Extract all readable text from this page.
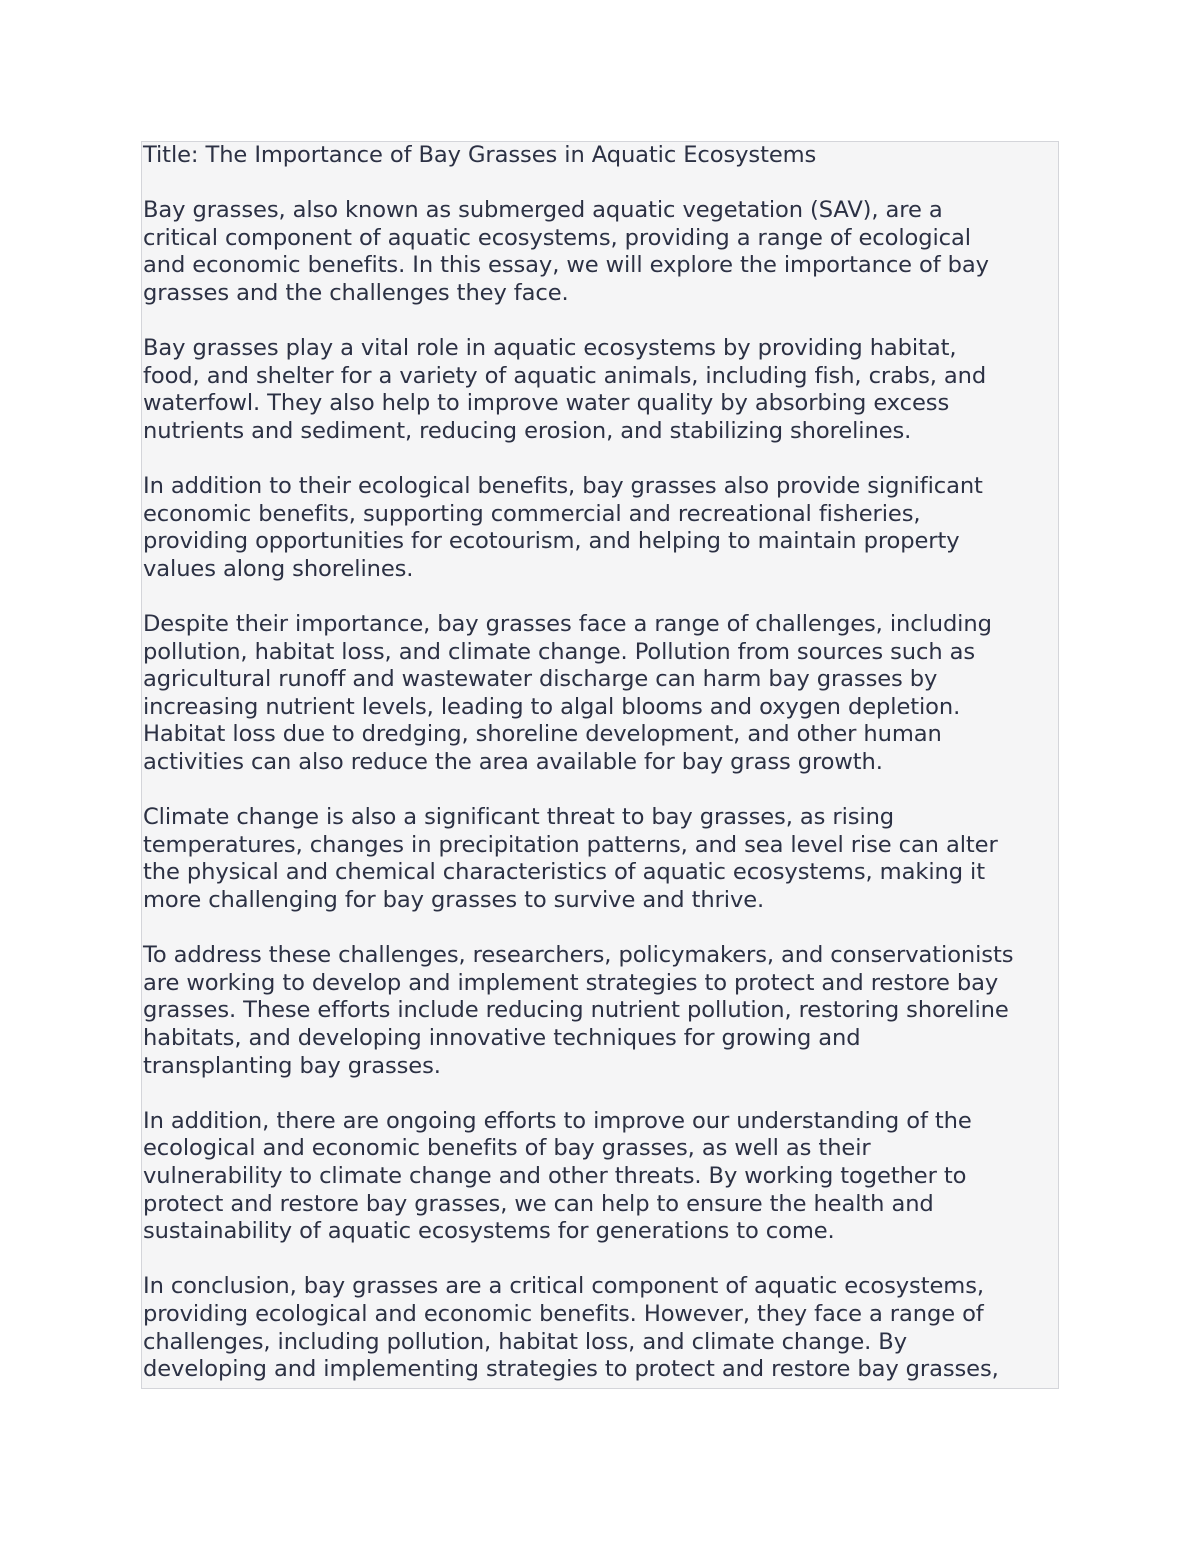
Title: The Importance of Bay Grasses in Aquatic Ecosystems
Bay grasses, also known as submerged aquatic vegetation (SAV), are a
critical component of aquatic ecosystems, providing a range of ecological
and economic benefits. In this essay, we will explore the importance of bay
grasses and the challenges they face.
Bay grasses play a vital role in aquatic ecosystems by providing habitat,
food, and shelter for a variety of aquatic animals, including fish, crabs, and
waterfowl. They also help to improve water quality by absorbing excess
nutrients and sediment, reducing erosion, and stabilizing shorelines.
In addition to their ecological benefits, bay grasses also provide significant
economic benefits, supporting commercial and recreational fisheries,
providing opportunities for ecotourism, and helping to maintain property
values along shorelines.
Despite their importance, bay grasses face a range of challenges, including
pollution, habitat loss, and climate change. Pollution from sources such as
agricultural runoff and wastewater discharge can harm bay grasses by
increasing nutrient levels, leading to algal blooms and oxygen depletion.
Habitat loss due to dredging, shoreline development, and other human
activities can also reduce the area available for bay grass growth.
Climate change is also a significant threat to bay grasses, as rising
temperatures, changes in precipitation patterns, and sea level rise can alter
the physical and chemical characteristics of aquatic ecosystems, making it
more challenging for bay grasses to survive and thrive.
To address these challenges, researchers, policymakers, and conservationists
are working to develop and implement strategies to protect and restore bay
grasses. These efforts include reducing nutrient pollution, restoring shoreline
habitats, and developing innovative techniques for growing and
transplanting bay grasses.
In addition, there are ongoing efforts to improve our understanding of the
ecological and economic benefits of bay grasses, as well as their
vulnerability to climate change and other threats. By working together to
protect and restore bay grasses, we can help to ensure the health and
sustainability of aquatic ecosystems for generations to come.
In conclusion, bay grasses are a critical component of aquatic ecosystems,
providing ecological and economic benefits. However, they face a range of
challenges, including pollution, habitat loss, and climate change. By
developing and implementing strategies to protect and restore bay grasses,
